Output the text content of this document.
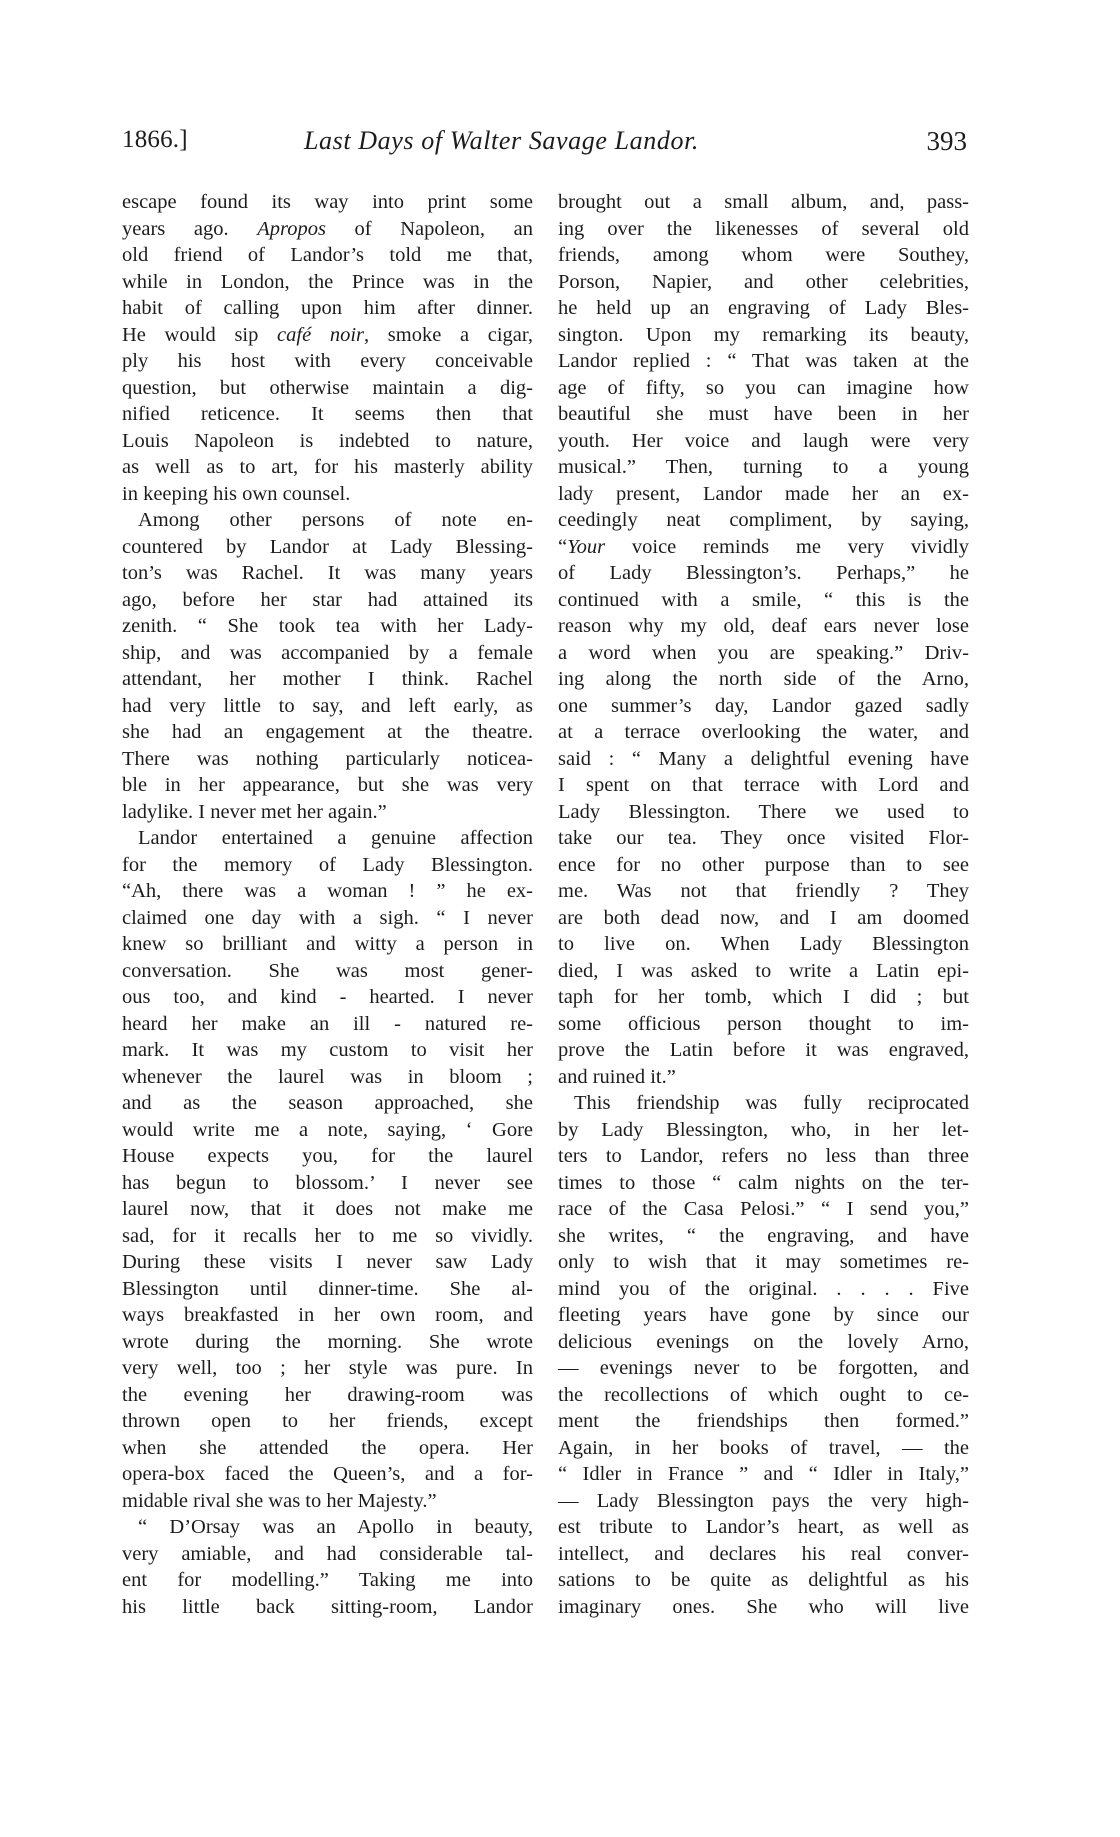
1866.]	Last Days of Walter Savage Landor.	393
escape found its way into print some
years ago. Apropos of Napoleon, an
old friend of Landor’s told me that,
while in London, the Prince was in the
habit of calling upon him after dinner.
He would sip café noir, smoke a cigar,
ply his host with every conceivable
question, but otherwise maintain a dig-
nified reticence. It seems then that
Louis Napoleon is indebted to nature,
as well as to art, for his masterly ability
in keeping his own counsel.
Among other persons of note en-
countered by Landor at Lady Blessing-
ton’s was Rachel. It was many years
ago, before her star had attained its
zenith. “ She took tea with her Lady-
ship, and was accompanied by a female
attendant, her mother I think. Rachel
had very little to say, and left early, as
she had an engagement at the theatre.
There was nothing particularly noticea-
ble in her appearance, but she was very
ladylike. I never met her again.”
Landor entertained a genuine affection
for the memory of Lady Blessington.
“Ah, there was a woman ! ” he ex-
claimed one day with a sigh. “ I never
knew so brilliant and witty a person in
conversation. She was most gener-
ous too, and kind - hearted. I never
heard her make an ill - natured re-
mark. It was my custom to visit her
whenever the laurel was in bloom ;
and as the season approached, she
would write me a note, saying, ‘ Gore
House expects you, for the laurel
has begun to blossom.’ I never see
laurel now, that it does not make me
sad, for it recalls her to me so vividly.
During these visits I never saw Lady
Blessington until dinner-time. She al-
ways breakfasted in her own room, and
wrote during the morning. She wrote
very well, too ; her style was pure. In
the evening her drawing-room was
thrown open to her friends, except
when she attended the opera. Her
opera-box faced the Queen’s, and a for-
midable rival she was to her Majesty.”
“ D’Orsay was an Apollo in beauty,
very amiable, and had considerable tal-
ent for modelling.” Taking me into
his little back sitting-room, Landor
brought out a small album, and, pass-
ing over the likenesses of several old
friends, among whom were Southey,
Porson, Napier, and other celebrities,
he held up an engraving of Lady Bles-
sington. Upon my remarking its beauty,
Landor replied : “ That was taken at the
age of fifty, so you can imagine how
beautiful she must have been in her
youth. Her voice and laugh were very
musical.” Then, turning to a young
lady present, Landor made her an ex-
ceedingly neat compliment, by saying,
“Your voice reminds me very vividly
of Lady Blessington’s. Perhaps,” he
continued with a smile, “ this is the
reason why my old, deaf ears never lose
a word when you are speaking.” Driv-
ing along the north side of the Arno,
one summer’s day, Landor gazed sadly
at a terrace overlooking the water, and
said : “ Many a delightful evening have
I spent on that terrace with Lord and
Lady Blessington. There we used to
take our tea. They once visited Flor-
ence for no other purpose than to see
me. Was not that friendly ? They
are both dead now, and I am doomed
to live on. When Lady Blessington
died, I was asked to write a Latin epi-
taph for her tomb, which I did ; but
some officious person thought to im-
prove the Latin before it was engraved,
and ruined it.”
This friendship was fully reciprocated
by Lady Blessington, who, in her let-
ters to Landor, refers no less than three
times to those “ calm nights on the ter-
race of the Casa Pelosi.” “ I send you,”
she writes, “ the engraving, and have
only to wish that it may sometimes re-
mind you of the original. . . . . Five
fleeting years have gone by since our
delicious evenings on the lovely Arno,
— evenings never to be forgotten, and
the recollections of which ought to ce-
ment the friendships then formed.”
Again, in her books of travel, — the
“ Idler in France ” and “ Idler in Italy,”
— Lady Blessington pays the very high-
est tribute to Landor’s heart, as well as
intellect, and declares his real conver-
sations to be quite as delightful as his
imaginary ones. She who will live
